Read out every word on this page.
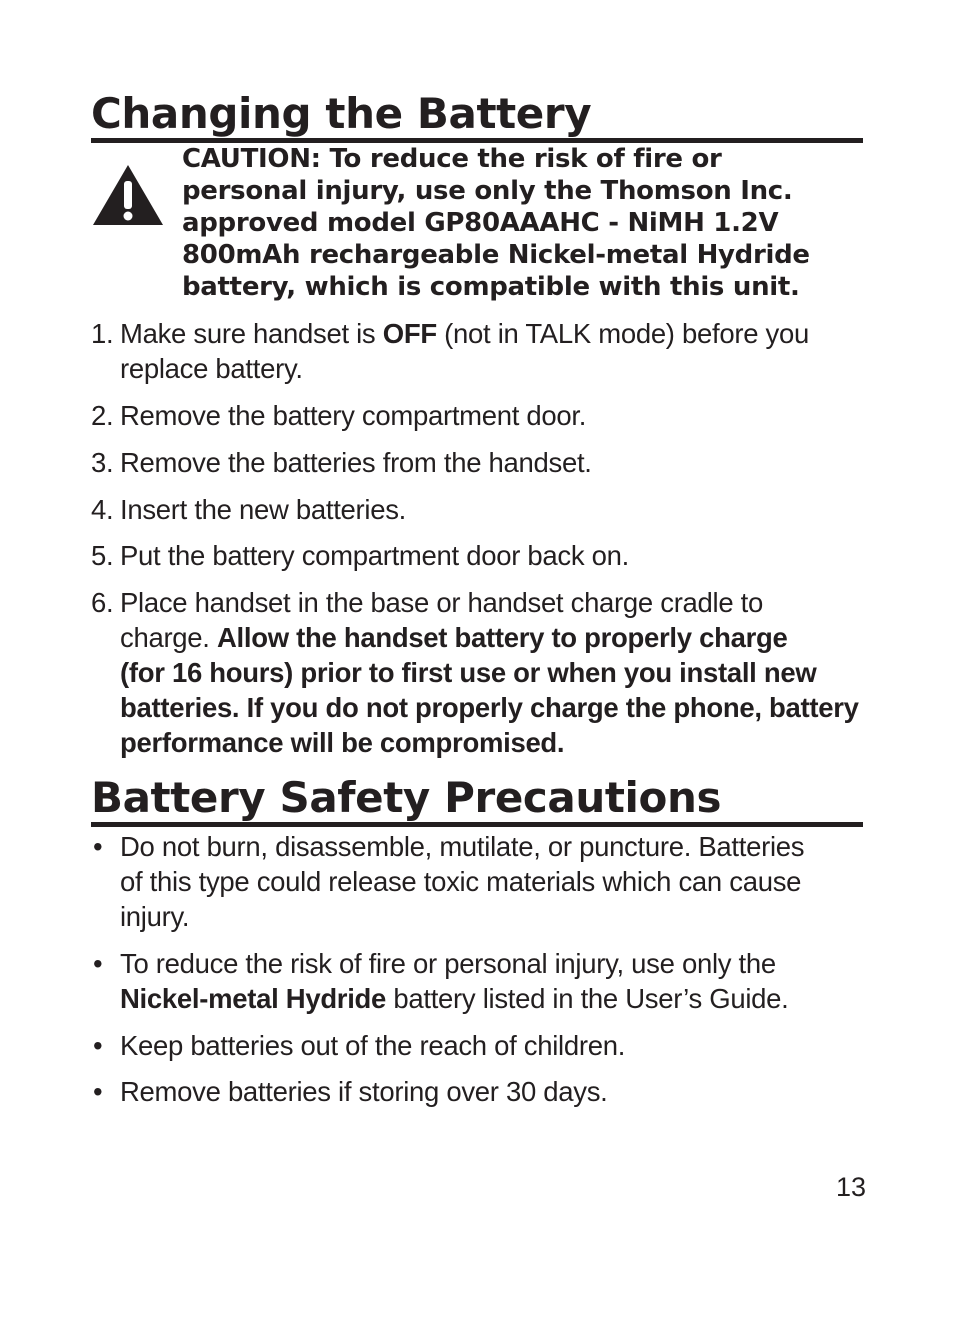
Changing the Battery
CAUTION: To reduce the risk of fire or
personal injury, use only the Thomson Inc.
approved model GP80AAAHC - NiMH 1.2V
800mAh rechargeable Nickel-metal Hydride
battery, which is compatible with this unit.
1. Make sure handset is OFF (not in TALK mode) before you
replace battery.
2. Remove the battery compartment door.
3. Remove the batteries from the handset.
4. Insert the new batteries.
5. Put the battery compartment door back on.
6. Place handset in the base or handset charge cradle to
charge. Allow the handset battery to properly charge
(for 16 hours) prior to first use or when you install new
batteries. If you do not properly charge the phone, battery
performance will be compromised.
Battery Safety Precautions
• Do not burn, disassemble, mutilate, or puncture. Batteries
of this type could release toxic materials which can cause
injury.
• To reduce the risk of fire or personal injury, use only the
Nickel-metal Hydride battery listed in the User’s Guide.
• Keep batteries out of the reach of children.
• Remove batteries if storing over 30 days.
13
